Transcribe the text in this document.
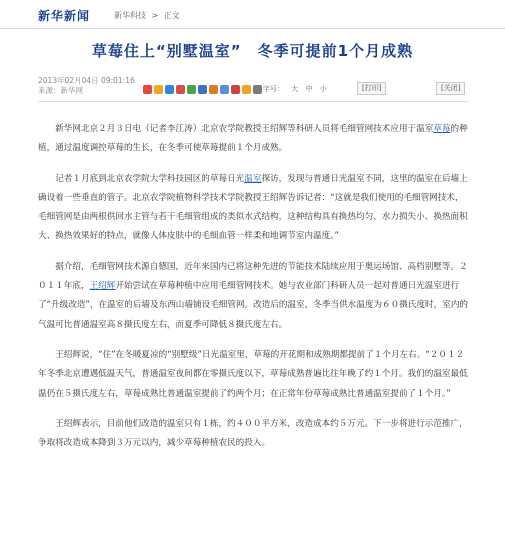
新华新闻	新华科技 > 正文
草莓住上“别墅温室”　冬季可提前1个月成熟
2013年02月04日 09:01:16
来源：新华网	字号： 大 中 小	[打印]	[关闭]

新华网北京２月３日电（记者李江涛）北京农学院教授王绍辉等科研人员将毛细管网技术应用于温室草莓的种植，通过温度调控草莓的生长，在冬季可使草莓提前１个月成熟。

记者１月底到北京农学院大学科技园区的草莓日光温室探访，发现与普通日光温室不同，这里的温室在后墙上确设着一些垂直的管子。北京农学院植物科学技术学院教授王绍辉告诉记者：“这就是我们使用的毛细管网技术，毛细管网是由两根供回水主管与若干毛细管组成的类似水式结构，这种结构具有换热均匀、水力损失小、换热面积大、换热效果好的特点，就像人体皮肤中的毛细血管一样柔和地调节室内温度。”

据介绍，毛细管网技术源自德国，近年来国内已将这种先进的节能技术陆续应用于奥运场馆、高档别墅等。２０１１年底，王绍辉开始尝试在草莓种植中应用毛细管网技术。她与农业部门科研人员一起对普通日光温室进行了“升级改造”，在温室的后墙及东西山墙铺设毛细管网。改造后的温室，冬季当供水温度为６０摄氏度时，室内的气温可比普通温室高８摄氏度左右，而夏季可降低８摄氏度左右。

王绍辉说，“住”在冬暖夏凉的“别墅级”日光温室里，草莓的开花期和成熟期都提前了１个月左右。“２０１２年冬季北京遭遇低温天气，普通温室夜间都在零摄氏度以下，草莓成熟普遍比往年晚了约１个月。我们的温室最低温仍在５摄氏度左右，草莓成熟比普通温室提前了约两个月；在正常年份草莓成熟比普通温室提前了１个月。”

王绍辉表示，目前他们改造的温室只有１栋，约４００平方米，改造成本约５万元。下一步将进行示范推广，争取将改造成本降到３万元以内，减少草莓种植农民的投入。
